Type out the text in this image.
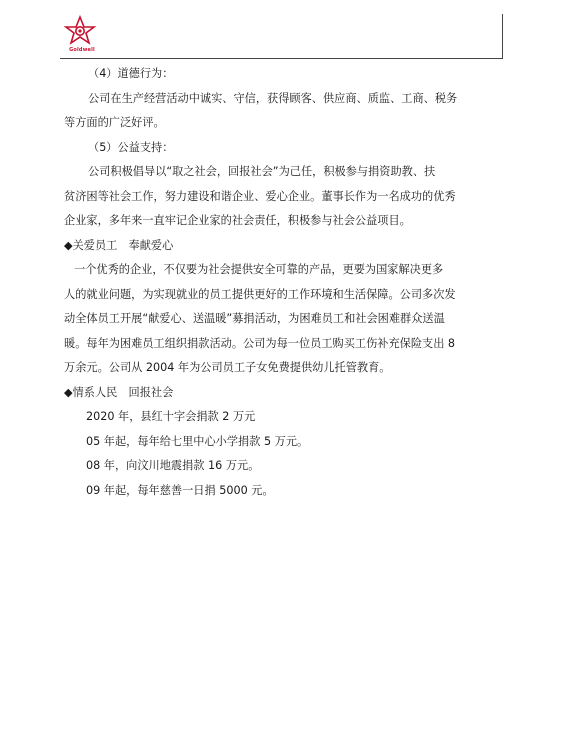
Goldwell
（4）道德行为：
公司在生产经营活动中诚实、守信，获得顾客、供应商、质监、工商、税务
等方面的广泛好评。
（5）公益支持：
公司积极倡导以“取之社会，回报社会”为己任，积极参与捐资助教、扶
贫济困等社会工作，努力建设和谐企业、爱心企业。董事长作为一名成功的优秀
企业家，多年来一直牢记企业家的社会责任，积极参与社会公益项目。
◆关爱员工　奉献爱心
一个优秀的企业，不仅要为社会提供安全可靠的产品，更要为国家解决更多
人的就业问题，为实现就业的员工提供更好的工作环境和生活保障。公司多次发
动全体员工开展“献爱心、送温暖”募捐活动，为困难员工和社会困难群众送温
暖。每年为困难员工组织捐款活动。公司为每一位员工购买工伤补充保险支出 8
万余元。公司从 2004 年为公司员工子女免费提供幼儿托管教育。
◆情系人民　回报社会
2020 年，县红十字会捐款 2 万元
05 年起，每年给七里中心小学捐款 5 万元。
08 年，向汶川地震捐款 16 万元。
09 年起，每年慈善一日捐 5000 元。
